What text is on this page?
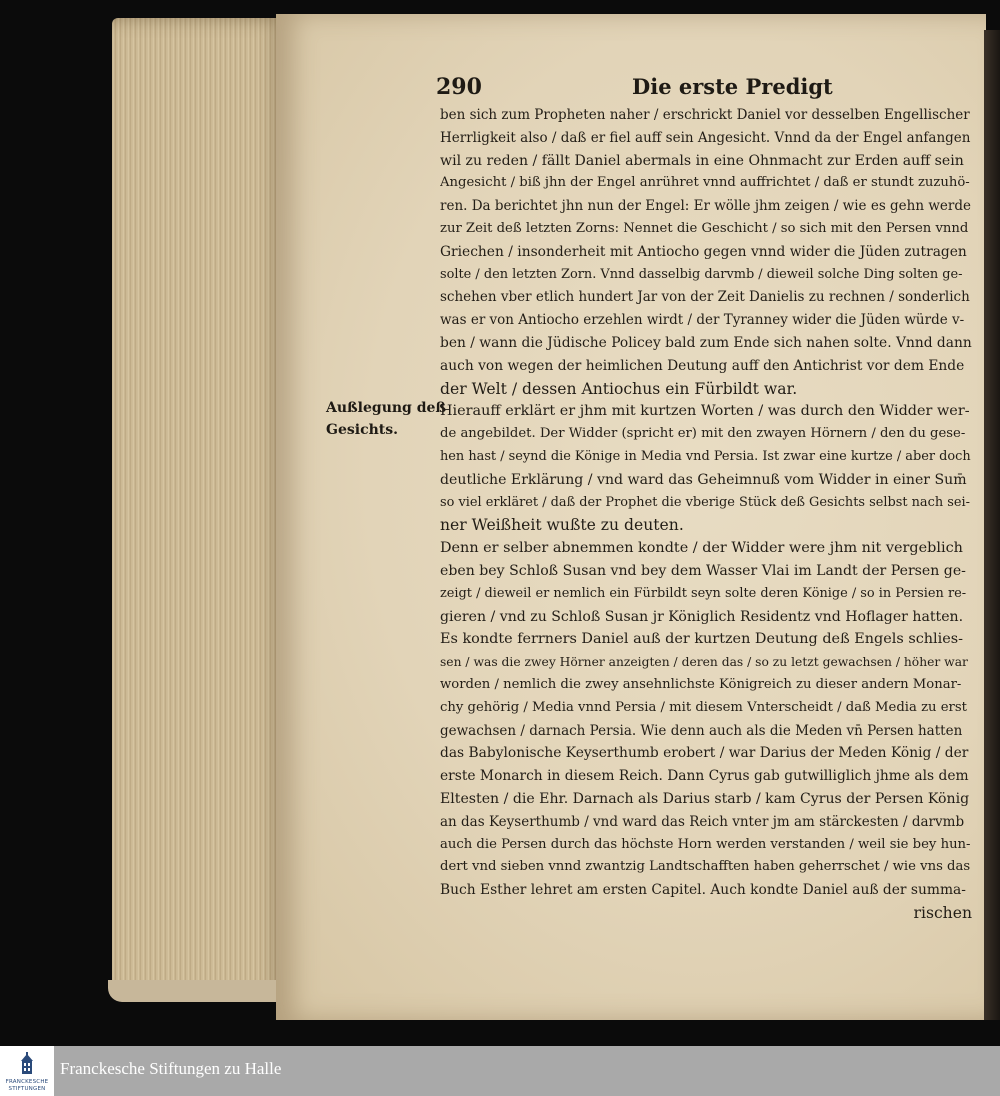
290	Die erste Predigt
Außlegung deß
Gesichts.
ben sich zum Propheten naher / erschrickt Daniel vor desselben Engellischer
Herrligkeit also / daß er fiel auff sein Angesicht. Vnnd da der Engel anfangen
wil zu reden / fällt Daniel abermals in eine Ohnmacht zur Erden auff sein
Angesicht / biß jhn der Engel anrühret vnnd auffrichtet / daß er stundt zuzuhö-
ren. Da berichtet jhn nun der Engel: Er wölle jhm zeigen / wie es gehn werde
zur Zeit deß letzten Zorns: Nennet die Geschicht / so sich mit den Persen vnnd
Griechen / insonderheit mit Antiocho gegen vnnd wider die Jüden zutragen
solte / den letzten Zorn. Vnnd dasselbig darvmb / dieweil solche Ding solten ge-
schehen vber etlich hundert Jar von der Zeit Danielis zu rechnen / sonderlich
was er von Antiocho erzehlen wirdt / der Tyranney wider die Jüden würde v-
ben / wann die Jüdische Policey bald zum Ende sich nahen solte. Vnnd dann
auch von wegen der heimlichen Deutung auff den Antichrist vor dem Ende
der Welt / dessen Antiochus ein Fürbildt war.
Hierauff erklärt er jhm mit kurtzen Worten / was durch den Widder wer-
de angebildet. Der Widder (spricht er) mit den zwayen Hörnern / den du gese-
hen hast / seynd die Könige in Media vnd Persia. Ist zwar eine kurtze / aber doch
deutliche Erklärung / vnd ward das Geheimnuß vom Widder in einer Sum̄
so viel erkläret / daß der Prophet die vberige Stück deß Gesichts selbst nach sei-
ner Weißheit wußte zu deuten.
Denn er selber abnemmen kondte / der Widder were jhm nit vergeblich
eben bey Schloß Susan vnd bey dem Wasser Vlai im Landt der Persen ge-
zeigt / dieweil er nemlich ein Fürbildt seyn solte deren Könige / so in Persien re-
gieren / vnd zu Schloß Susan jr Königlich Residentz vnd Hoflager hatten.
Es kondte ferrners Daniel auß der kurtzen Deutung deß Engels schlies-
sen / was die zwey Hörner anzeigten / deren das / so zu letzt gewachsen / höher war
worden / nemlich die zwey ansehnlichste Königreich zu dieser andern Monar-
chy gehörig / Media vnnd Persia / mit diesem Vnterscheidt / daß Media zu erst
gewachsen / darnach Persia. Wie denn auch als die Meden vn̄ Persen hatten
das Babylonische Keyserthumb erobert / war Darius der Meden König / der
erste Monarch in diesem Reich. Dann Cyrus gab gutwilliglich jhme als dem
Eltesten / die Ehr. Darnach als Darius starb / kam Cyrus der Persen König
an das Keyserthumb / vnd ward das Reich vnter jm am stärckesten / darvmb
auch die Persen durch das höchste Horn werden verstanden / weil sie bey hun-
dert vnd sieben vnnd zwantzig Landtschafften haben geherrschet / wie vns das
Buch Esther lehret am ersten Capitel. Auch kondte Daniel auß der summa-
rischen
FRANCKESCHE
STIFTUNGEN
Franckesche Stiftungen zu Halle
